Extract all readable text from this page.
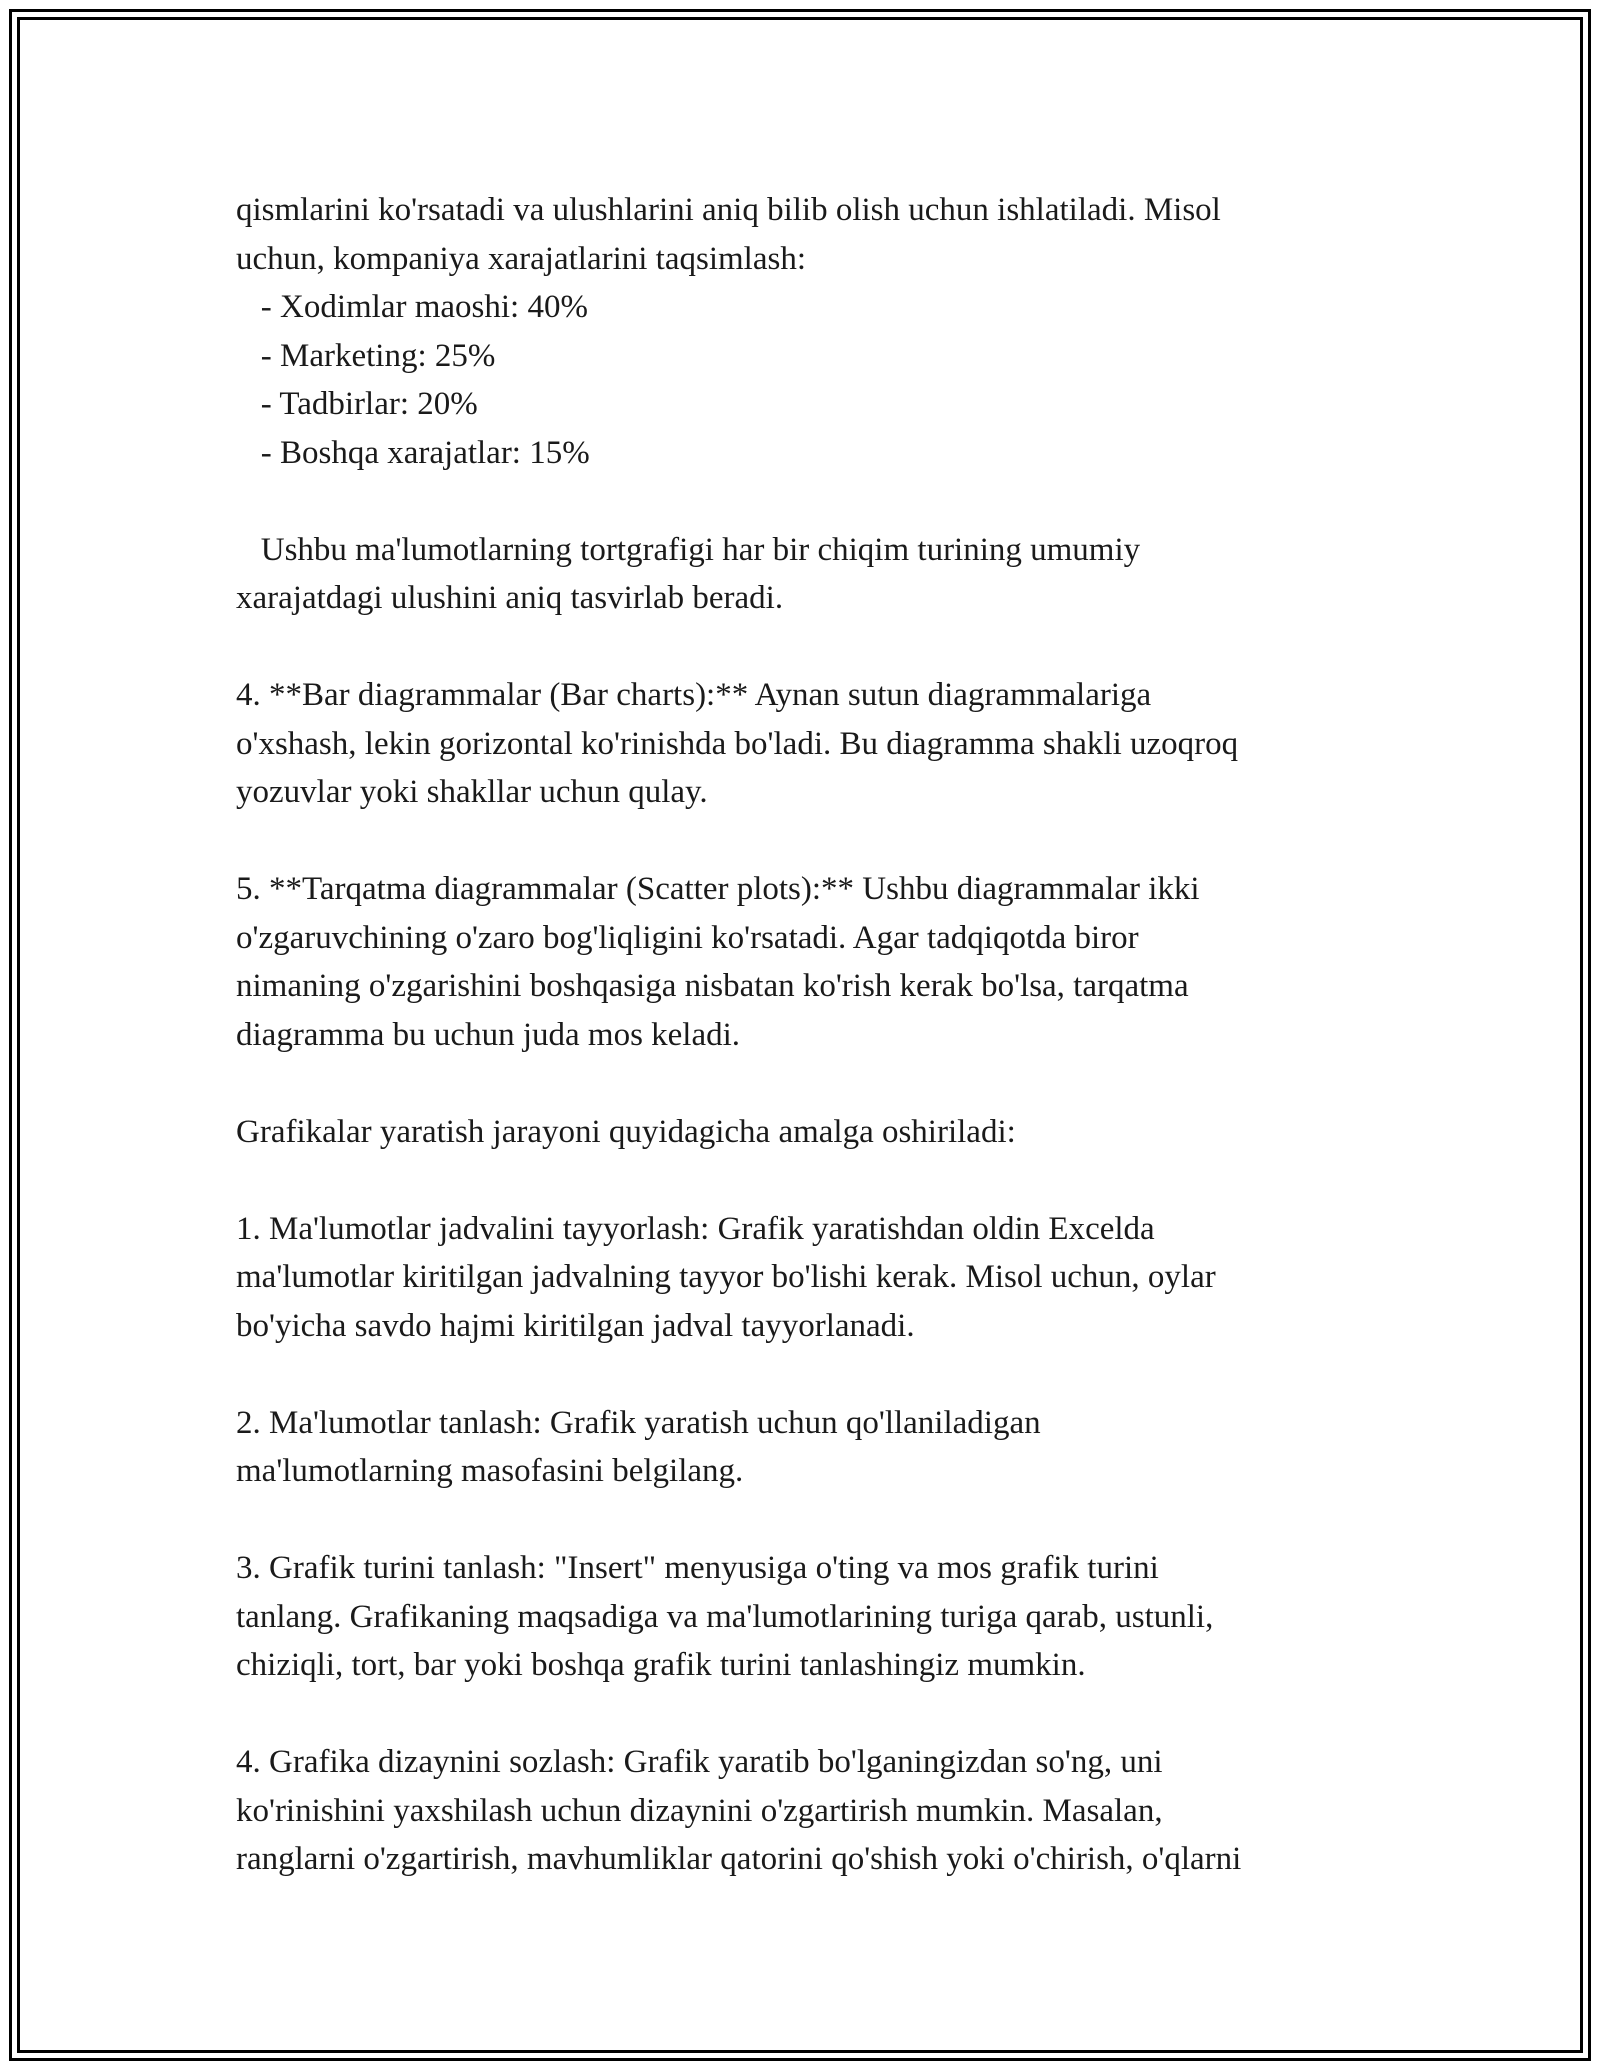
qismlarini ko'rsatadi va ulushlarini aniq bilib olish uchun ishlatiladi. Misol
uchun, kompaniya xarajatlarini taqsimlash:
- Xodimlar maoshi: 40%
- Marketing: 25%
- Tadbirlar: 20%
- Boshqa xarajatlar: 15%
Ushbu ma'lumotlarning tortgrafigi har bir chiqim turining umumiy
xarajatdagi ulushini aniq tasvirlab beradi.
4. **Bar diagrammalar (Bar charts):** Aynan sutun diagrammalariga
o'xshash, lekin gorizontal ko'rinishda bo'ladi. Bu diagramma shakli uzoqroq
yozuvlar yoki shakllar uchun qulay.
5. **Tarqatma diagrammalar (Scatter plots):** Ushbu diagrammalar ikki
o'zgaruvchining o'zaro bog'liqligini ko'rsatadi. Agar tadqiqotda biror
nimaning o'zgarishini boshqasiga nisbatan ko'rish kerak bo'lsa, tarqatma
diagramma bu uchun juda mos keladi.
Grafikalar yaratish jarayoni quyidagicha amalga oshiriladi:
1. Ma'lumotlar jadvalini tayyorlash: Grafik yaratishdan oldin Excelda
ma'lumotlar kiritilgan jadvalning tayyor bo'lishi kerak. Misol uchun, oylar
bo'yicha savdo hajmi kiritilgan jadval tayyorlanadi.
2. Ma'lumotlar tanlash: Grafik yaratish uchun qo'llaniladigan
ma'lumotlarning masofasini belgilang.
3. Grafik turini tanlash: "Insert" menyusiga o'ting va mos grafik turini
tanlang. Grafikaning maqsadiga va ma'lumotlarining turiga qarab, ustunli,
chiziqli, tort, bar yoki boshqa grafik turini tanlashingiz mumkin.
4. Grafika dizaynini sozlash: Grafik yaratib bo'lganingizdan so'ng, uni
ko'rinishini yaxshilash uchun dizaynini o'zgartirish mumkin. Masalan,
ranglarni o'zgartirish, mavhumliklar qatorini qo'shish yoki o'chirish, o'qlarni
